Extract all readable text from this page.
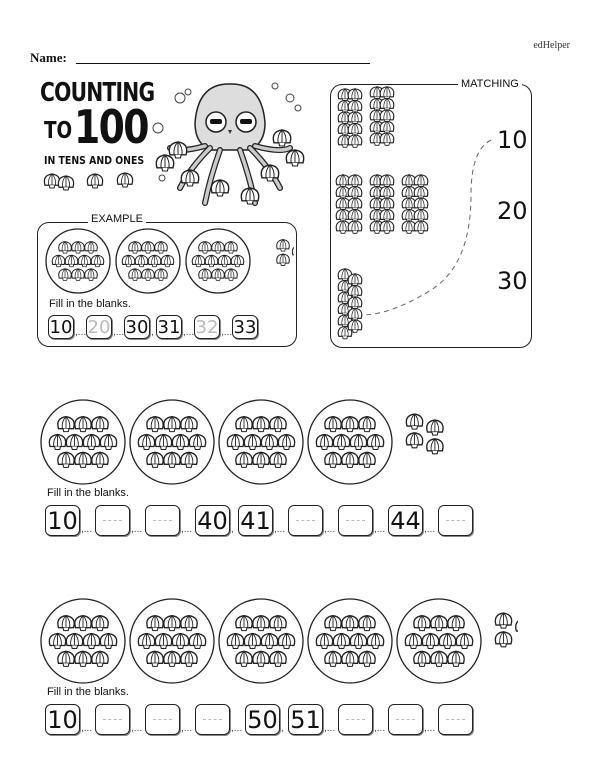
edHelper
Name:
COUNTING
TO 100
IN TENS AND ONES
EXAMPLE
Fill in the blanks.
10 ,... 20 ,... 30 , 31 ,... 32 ,... 33
MATCHING
10
20
30
Fill in the blanks.
10 ,...	,...	,... 40 , 41 ,...	,...	,... 44 ,...
Fill in the blanks.
10 ,...	,...	,...	,... 50 , 51 ,...	,...	,...
